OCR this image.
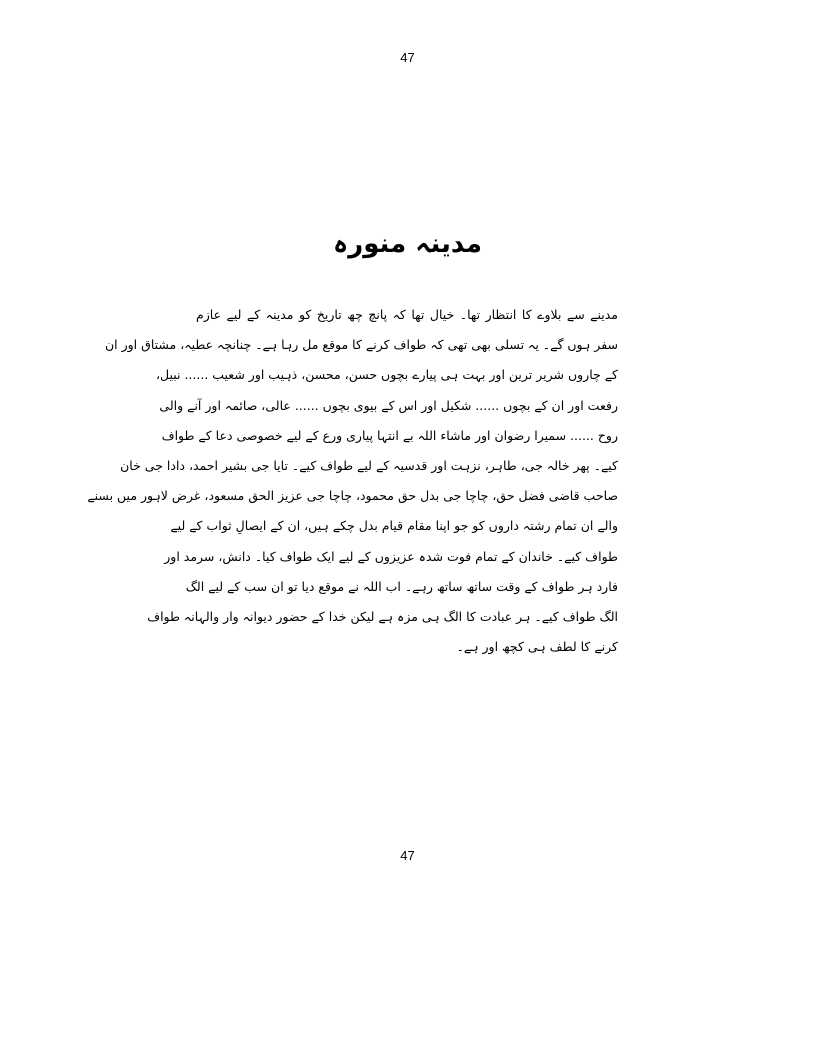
47
مدینہ منورہ
مدینے سے بلاوے کا انتظار تھا۔ خیال تھا کہ پانچ چھ تاریخ کو مدینہ کے لیے عازم
سفر ہوں گے۔ یہ تسلی بھی تھی کہ طواف کرنے کا موقع مل رہا ہے۔ چنانچہ عطیہ، مشتاق اور ان
کے چاروں شریر ترین اور بہت ہی پیارے بچوں حسن، محسن، ذہیب اور شعیب ...... نبیل،
رفعت اور ان کے بچوں ...... شکیل اور اس کے بیوی بچوں ...... عالی، صائمہ اور آنے والی
روح ...... سمیرا رضوان اور ماشاء اللہ بے انتہا پیاری ورع کے لیے خصوصی دعا کے طواف
کیے۔ پھر خالہ جی، طاہر، نزہت اور قدسیہ کے لیے طواف کیے۔ تایا جی بشیر احمد، دادا جی خان
صاحب قاضی فضل حق، چاچا جی بدل حق محمود، چاچا جی عزیز الحق مسعود، غرض لاہور میں بسنے
والے ان تمام رشتہ داروں کو جو اپنا مقام قیام بدل چکے ہیں، ان کے ایصالِ ثواب کے لیے
طواف کیے۔ خاندان کے تمام فوت شدہ عزیزوں کے لیے ایک طواف کیا۔ دانش، سرمد اور
فارد ہر طواف کے وقت ساتھ ساتھ رہے۔ اب اللہ نے موقع دیا تو ان سب کے لیے الگ
الگ طواف کیے۔ ہر عبادت کا الگ ہی مزہ ہے لیکن خدا کے حضور دیوانہ وار والہانہ طواف
کرنے کا لطف ہی کچھ اور ہے۔
47
